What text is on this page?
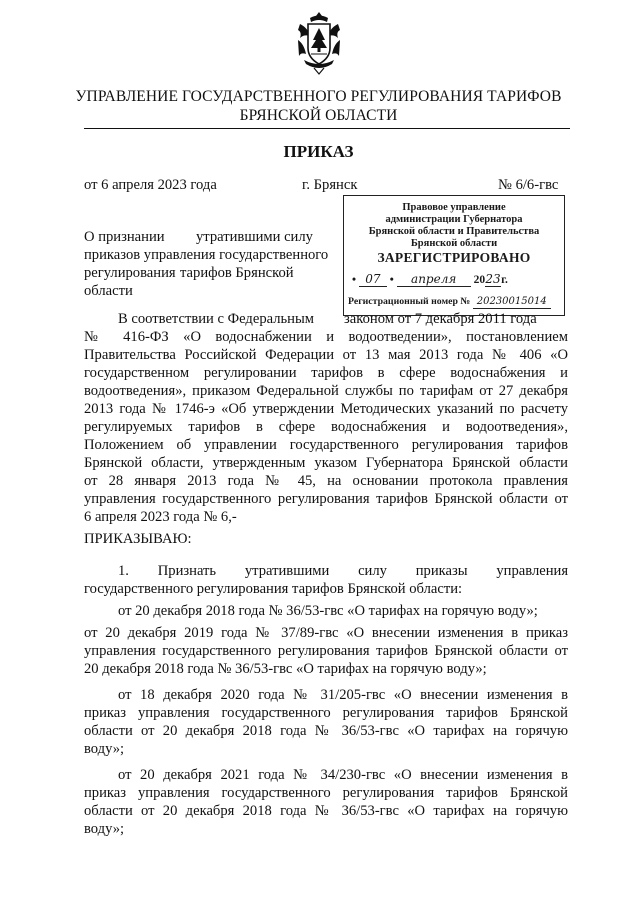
УПРАВЛЕНИЕ ГОСУДАРСТВЕННОГО РЕГУЛИРОВАНИЯ ТАРИФОВ
БРЯНСКОЙ ОБЛАСТИ
ПРИКАЗ
от 6 апреля 2023 года	г. Брянск	№ 6/6-гвс
О признании утратившими силу
приказов управления государственного
регулирования тарифов Брянской
области
Правовое управление
администрации Губернатора
Брянской области и Правительства
Брянской области
ЗАРЕГИСТРИРОВАНО
• 07 • апреля 2023г.
Регистрационный номер № 20230015014
В соответствии с Федеральным законом от 7 декабря 2011 года
№ 416-ФЗ «О водоснабжении и водоотведении», постановлением
Правительства Российской Федерации от 13 мая 2013 года № 406 «О
государственном регулировании тарифов в сфере водоснабжения и
водоотведения», приказом Федеральной службы по тарифам от 27 декабря
2013 года № 1746-э «Об утверждении Методических указаний по расчету
регулируемых тарифов в сфере водоснабжения и водоотведения»,
Положением об управлении государственного регулирования тарифов
Брянской области, утвержденным указом Губернатора Брянской области
от 28 января 2013 года № 45, на основании протокола правления
управления государственного регулирования тарифов Брянской области от
6 апреля 2023 года № 6,-
ПРИКАЗЫВАЮ:
1. Признать утратившими силу приказы управления
государственного регулирования тарифов Брянской области:
от 20 декабря 2018 года № 36/53-гвс «О тарифах на горячую воду»;
от 20 декабря 2019 года № 37/89-гвс «О внесении изменения в приказ
управления государственного регулирования тарифов Брянской области от
20 декабря 2018 года № 36/53-гвс «О тарифах на горячую воду»;
от 18 декабря 2020 года № 31/205-гвс «О внесении изменения в
приказ управления государственного регулирования тарифов Брянской
области от 20 декабря 2018 года № 36/53-гвс «О тарифах на горячую
воду»;
от 20 декабря 2021 года № 34/230-гвс «О внесении изменения в
приказ управления государственного регулирования тарифов Брянской
области от 20 декабря 2018 года № 36/53-гвс «О тарифах на горячую
воду»;
